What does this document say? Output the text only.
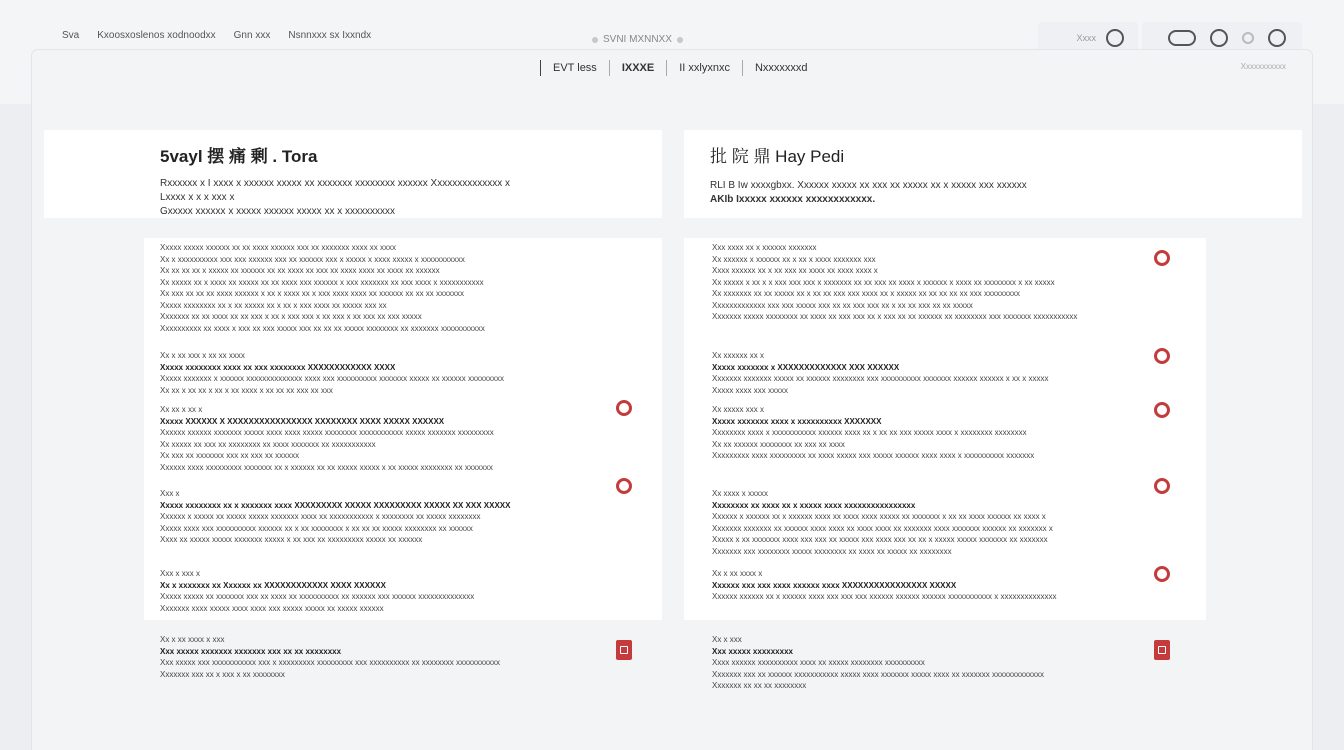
Sva Kxoosxoslenos xodnoodxx Gnn xxx Nsnnxxx sx Ixxndx	SVNI MXNNXX	Xxxx
EVT less	IXXXE	II xxlyxnxc	Nxxxxxxxd	Xxxxxxxxxxx
5vayl 摆 痛 剰 . Tora

Rxxxxxx x I xxxx x xxxxxx xxxxx xx xxxxxxx xxxxxxxx xxxxxx Xxxxxxxxxxxxxx x

Lxxxx x x x xxx x

Gxxxxx xxxxxx x xxxxx xxxxxx xxxxx xx x xxxxxxxxxx

批 院 鼎 Hay Pedi

RLI B Iw xxxxgbxx. Xxxxxx xxxxx xx xxx xx xxxxx xx x xxxxx xxx xxxxxx

AKIb Ixxxxx xxxxxx xxxxxxxxxxxx.

Xxxxx xxxxx xxxxxx xx xx xxxx xxxxxx xxx xx xxxxxxx xxxx xx xxxx
Xx x xxxxxxxxxx xxx xxx xxxxxx xxx xx xxxxxx xxx x xxxxx x xxxx xxxxx x xxxxxxxxxxx
Xx xx xx xx x xxxxx xx xxxxxx xx xx xxxx xx xxx xx xxxx xxxx xx xxxx xx xxxxxx
Xx xxxxx xx x xxxx xx xxxxx xx xx xxxx xxx xxxxxx x xxx xxxxxxx xx xxx xxxx x xxxxxxxxxxx
Xx xxx xx xx xx xxxx xxxxxx x xx x xxxx xx x xxx xxxx xxxx xx xxxxxx xx xx xx xxxxxxx
Xxxxx xxxxxxxx xx x xx xxxxx xx x xx x xxx xxxx xx xxxxx xxx xx
Xxxxxxx xx xx xxxx xx xx xxx x xx x xxx xxx x xx xxx x xx xxx xx xxx xxxxx
Xxxxxxxxxx xx xxxx x xxx xx xxx xxxxx xxx xx xx xx xxxxx xxxxxxxx xx xxxxxxx xxxxxxxxxxx
Xx x xx xxx x xx xx xxxx
Xxxxx xxxxxxxx xxxx xx xxx xxxxxxxx XXXXXXXXXXXX XXXX
Xxxxx xxxxxxx x xxxxxx xxxxxxxxxxxxxx xxxx xxx xxxxxxxxxx xxxxxxx xxxxx xx xxxxxx xxxxxxxxx
Xx xx x xx xx x xx x xx xxxx x xx xx xx xxx xx xxx
Xx xx x xx x
Xxxxx XXXXXX X XXXXXXXXXXXXXXXX XXXXXXXX XXXX XXXXX XXXXXX
Xxxxxx xxxxxx xxxxxxx xxxxx xxxx xxxx xxxxx xxxxxxxx xxxxxxxxxxx xxxxx xxxxxxx xxxxxxxxx
Xx xxxxx xx xxx xx xxxxxxxx xx xxxx xxxxxxx xx xxxxxxxxxxx
Xx xxx xx xxxxxxx xxx xx xxx xx xxxxxx
Xxxxxx xxxx xxxxxxxxx xxxxxxx xx x xxxxxx xx xx xxxxx xxxxx x xx xxxxx xxxxxxxx xx xxxxxxx
Xxx x
Xxxxx xxxxxxxx xx x xxxxxxx xxxx XXXXXXXXX XXXXX XXXXXXXXX XXXXX XX XXX XXXXX
Xxxxxx x xxxxx xx xxxxx xxxxx xxxxxxx xxxx xx xxxxxxxxxxx x xxxxxxxx xx xxxxx xxxxxxxx
Xxxxx xxxx xxx xxxxxxxxxx xxxxxx xx x xx xxxxxxxx x xx xx xx xxxxx xxxxxxxx xx xxxxxx
Xxxx xx xxxxx xxxxx xxxxxxx xxxxx x xx xxx xx xxxxxxxxx xxxxx xx xxxxxx
Xxx x xxx x
Xx x xxxxxxx xx Xxxxxx xx XXXXXXXXXXXX XXXX XXXXXX
Xxxxx xxxxx xx xxxxxxx xxx xx xxxx xx xxxxxxxxxx xx xxxxxx xxx xxxxxx xxxxxxxxxxxxxx
Xxxxxxx xxxx xxxxx xxxx xxxx xxx xxxxx xxxxx xx xxxxx xxxxxx
Xx x xx xxxx x xxx
Xxx xxxxx xxxxxxx xxxxxxx xxx xx xx xxxxxxxx
Xxx xxxxx xxx xxxxxxxxxxx xxx x xxxxxxxxx xxxxxxxxx xxx xxxxxxxxxx xx xxxxxxxx xxxxxxxxxxx
Xxxxxxx xxx xx x xxx x xx xxxxxxxx
Xxx xxxx xx x xxxxxx xxxxxxx
Xx xxxxxx x xxxxxx xx x xx x xxxx xxxxxxx xxx
Xxxx xxxxxx xx x xx xxx xx xxxx xx xxxx xxxx x
Xx xxxxx x xx x x xxx xxx xxx x xxxxxxx xx xx xxx xx xxxx x xxxxxx x xxxx xx xxxxxxxx x xx xxxxx
Xx xxxxxxx xx xx xxxxx xx x xx xx xxx xxx xxxx xx x xxxxx xx xx xx xx xx xxx xxxxxxxxx
Xxxxxxxxxxxxx xxx xxx xxxxx xxx xx xx xxx xxx xx x xx xx xxx xx xx xxxxx
Xxxxxxx xxxxx xxxxxxxx xx xxxx xx xxx xxx xx x xxx xx xx xxxxxx xx xxxxxxxx xxx xxxxxxx xxxxxxxxxxx
Xx xxxxxx xx x
Xxxxx xxxxxxx x XXXXXXXXXXXXX XXX XXXXXX
Xxxxxxx xxxxxxx xxxxx xx xxxxxx xxxxxxxx xxx xxxxxxxxxx xxxxxxx xxxxxx xxxxxx x xx x xxxxx
Xxxxx xxxx xxx xxxxx
Xx xxxxx xxx x
Xxxxx xxxxxxx xxxx x xxxxxxxxxx XXXXXXX
Xxxxxxxx xxxx x xxxxxxxxxxx xxxxxx xxxx xx x xx xx xxx xxxxx xxxx x xxxxxxxx xxxxxxxx
Xx xx xxxxxx xxxxxxxx xx xxx xx xxxx
Xxxxxxxxx xxxx xxxxxxxxx xx xxxx xxxxx xxx xxxxx xxxxxx xxxx xxxx x xxxxxxxxxx xxxxxxx
Xx xxxx x xxxxx
Xxxxxxxx xx xxxx xx x xxxxx xxxx xxxxxxxxxxxxxxxx
Xxxxxx x xxxxxx xx x xxxxxx xxxx xx xxxx xxxx xxxxx xx xxxxxxx x xx xx xxxx xxxxxx xx xxxx x
Xxxxxxx xxxxxxx xx xxxxxx xxxx xxxx xx xxxx xxxx xx xxxxxxx xxxx xxxxxxx xxxxxx xx xxxxxxx x
Xxxxx x xx xxxxxxx xxxx xxx xxx xx xxxxx xxx xxxx xxx xx xx x xxxxx xxxxx xxxxxxx xx xxxxxxx
Xxxxxxx xxx xxxxxxxx xxxxx xxxxxxxx xx xxxx xx xxxxx xx xxxxxxxx
Xx x xx xxxx x
Xxxxxx xxx xxx xxxx xxxxxx xxxx XXXXXXXXXXXXXXXX XXXXX
Xxxxxx xxxxxx xx x xxxxxx xxxx xxx xxx xxx xxxxxx xxxxxx xxxxxx xxxxxxxxxxx x xxxxxxxxxxxxxx
Xx x xxx
Xxx xxxxx xxxxxxxxx
Xxxx xxxxxx xxxxxxxxxx xxxx xx xxxxx xxxxxxxx xxxxxxxxxx
Xxxxxxx xxx xx xxxxxx xxxxxxxxxxx xxxxx xxxx xxxxxxx xxxxx xxxx xx xxxxxxx xxxxxxxxxxxxx
Xxxxxxx xx xx xx xxxxxxxx
